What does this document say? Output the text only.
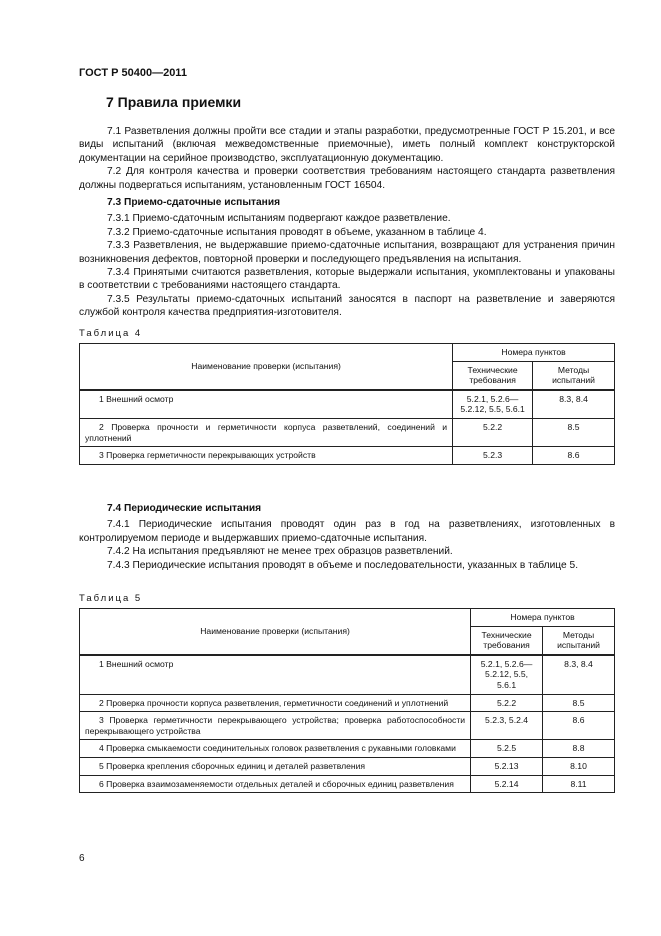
ГОСТ Р 50400—2011
7 Правила приемки

7.1 Разветвления должны пройти все стадии и этапы разработки, предусмотренные ГОСТ Р 15.201, и все виды испытаний (включая межведомственные приемочные), иметь полный комплект конструкторской документации на серийное производство, эксплуатационную документацию.

7.2 Для контроля качества и проверки соответствия требованиям настоящего стандарта разветвления должны подвергаться испытаниям, установленным ГОСТ 16504.

7.3 Приемо-сдаточные испытания

7.3.1 Приемо-сдаточным испытаниям подвергают каждое разветвление.

7.3.2 Приемо-сдаточные испытания проводят в объеме, указанном в таблице 4.

7.3.3 Разветвления, не выдержавшие приемо-сдаточные испытания, возвращают для устранения причин возникновения дефектов, повторной проверки и последующего предъявления на испытания.

7.3.4 Принятыми считаются разветвления, которые выдержали испытания, укомплектованы и упакованы в соответствии с требованиями настоящего стандарта.

7.3.5 Результаты приемо-сдаточных испытаний заносятся в паспорт на разветвление и заверяются службой контроля качества предприятия-изготовителя.

Таблица 4
Наименование проверки (испытания)	Номера пунктов	
	Технические требования	Методы испытаний
1 Внешний осмотр	5.2.1, 5.2.6—5.2.12, 5.5, 5.6.1	8.3, 8.4
2 Проверка прочности и герметичности корпуса разветвлений, соединений и уплотнений	5.2.2	8.5
3 Проверка герметичности перекрывающих устройств	5.2.3	8.6

7.4 Периодические испытания

7.4.1 Периодические испытания проводят один раз в год на разветвлениях, изготовленных в контролируемом периоде и выдержавших приемо-сдаточные испытания.

7.4.2 На испытания предъявляют не менее трех образцов разветвлений.

7.4.3 Периодические испытания проводят в объеме и последовательности, указанных в таблице 5.

Таблица 5
Наименование проверки (испытания)	Номера пунктов	
	Технические требования	Методы испытаний
1 Внешний осмотр	5.2.1, 5.2.6—5.2.12, 5.5, 5.6.1	8.3, 8.4
2 Проверка прочности корпуса разветвления, герметичности соединений и уплотнений	5.2.2	8.5
3 Проверка герметичности перекрывающего устройства; проверка работоспособности перекрывающего устройства	5.2.3, 5.2.4	8.6
4 Проверка смыкаемости соединительных головок разветвления с рукавными головками	5.2.5	8.8
5 Проверка крепления сборочных единиц и деталей разветвления	5.2.13	8.10
6 Проверка взаимозаменяемости отдельных деталей и сборочных единиц разветвления	5.2.14	8.11
6
